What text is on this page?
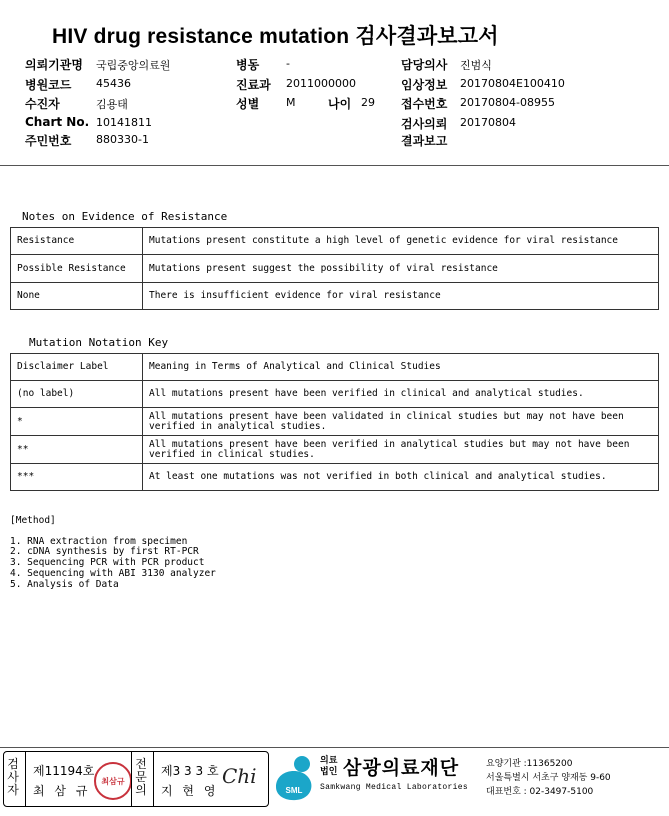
HIV drug resistance mutation 검사결과보고서
의뢰기관명 국립중앙의료원
병원코드 45436
수진자	김용태
Chart No. 10141811
주민번호 880330-1
병동 -
진료과 2011000000
성별 M	나이 29
담당의사 진범식
임상정보 20170804E100410
접수번호 20170804-08955
검사의뢰 20170804
결과보고
Notes on Evidence of Resistance
Resistance	Mutations present constitute a high level of genetic evidence for viral resistance
Possible Resistance	Mutations present suggest the possibility of viral resistance
None	There is insufficient evidence for viral resistance
Mutation Notation Key
Disclaimer Label	Meaning in Terms of Analytical and Clinical Studies
(no label)	All mutations present have been verified in clinical and analytical studies.
*	All mutations present have been validated in clinical studies but may not have been verified in analytical studies.
**	All mutations present have been verified in analytical studies but may not have been verified in clinical studies.
***	At least one mutations was not verified in both clinical and analytical studies.
[Method]
1. RNA extraction from specimen
2. cDNA synthesis by first RT-PCR
3. Sequencing PCR with PCR product
4. Sequencing with ABI 3130 analyzer
5. Analysis of Data
검
사
자
제11194호
최 삼 규
최삼규
전
문
의
제3 3 3 호
지 현 영
Chi
SML
의료
법인 삼광의료재단
Samkwang Medical Laboratories
요양기관 :11365200
서울특별시 서초구 양재동 9-60
대표번호 : 02-3497-5100
